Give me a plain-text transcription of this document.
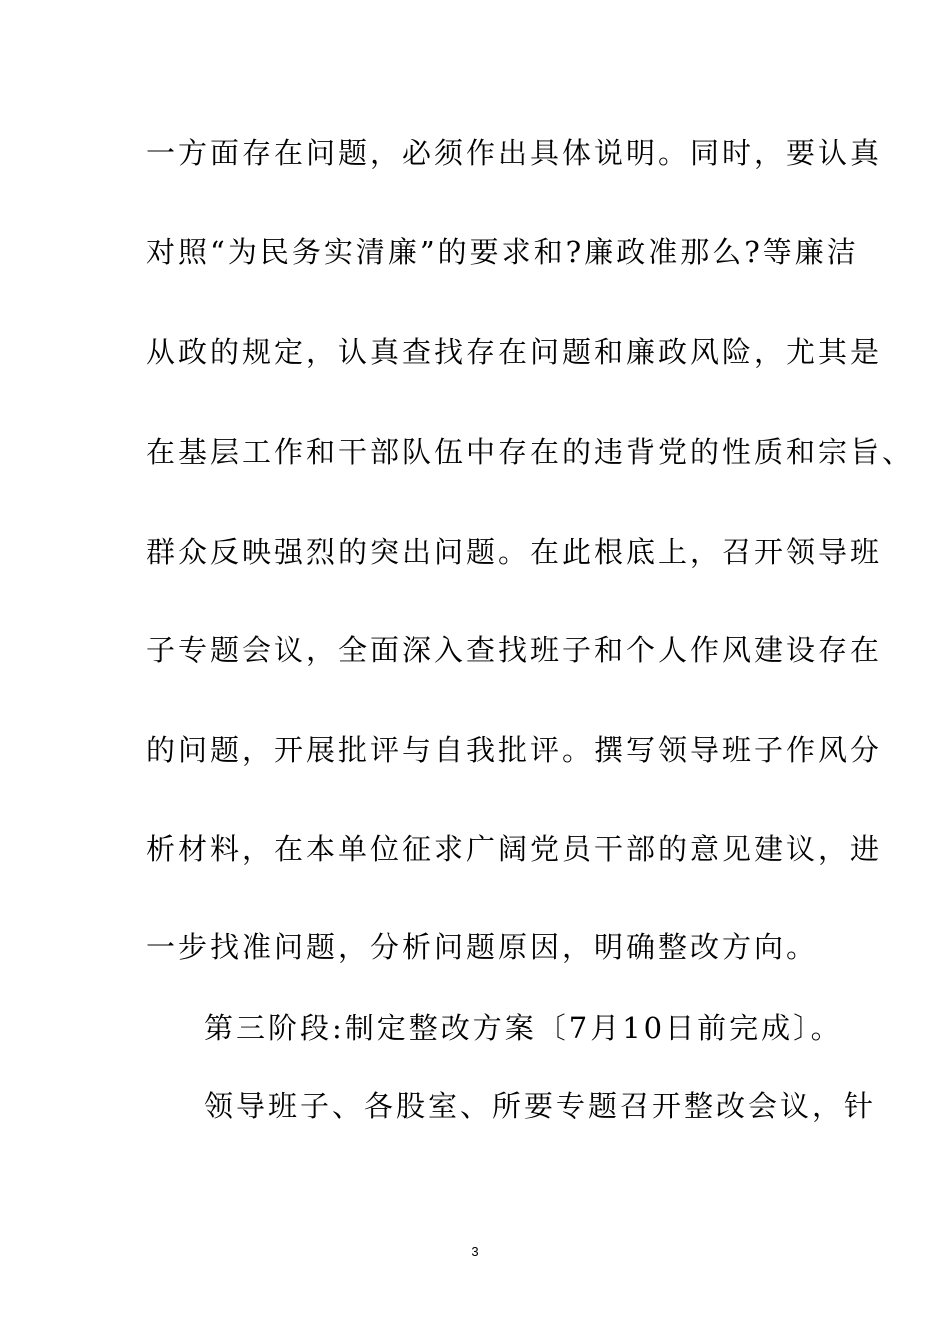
一方面存在问题，必须作出具体说明。同时，要认真
对照“为民务实清廉”的要求和?廉政准那么?等廉洁
从政的规定，认真查找存在问题和廉政风险，尤其是
在基层工作和干部队伍中存在的违背党的性质和宗旨、
群众反映强烈的突出问题。在此根底上，召开领导班
子专题会议，全面深入查找班子和个人作风建设存在
的问题，开展批评与自我批评。撰写领导班子作风分
析材料，在本单位征求广阔党员干部的意见建议，进
一步找准问题，分析问题原因，明确整改方向。
第三阶段:制定整改方案〔7月10日前完成〕。
领导班子、各股室、所要专题召开整改会议，针
3
